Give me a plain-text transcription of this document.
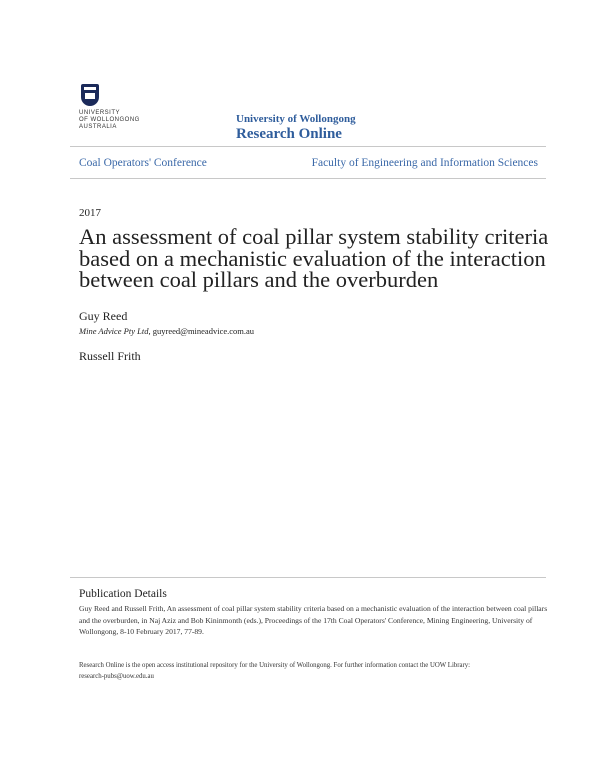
UNIVERSITY
OF WOLLONGONG
AUSTRALIA
University of Wollongong
Research Online
Coal Operators' Conference	Faculty of Engineering and Information Sciences
2017
An assessment of coal pillar system stability criteria based on a mechanistic evaluation of the interaction between coal pillars and the overburden
Guy Reed
Mine Advice Pty Ltd, guyreed@mineadvice.com.au
Russell Frith
Publication Details
Guy Reed and Russell Frith, An assessment of coal pillar system stability criteria based on a mechanistic evaluation of the interaction between coal pillars and the overburden, in Naj Aziz and Bob Kininmonth (eds.), Proceedings of the 17th Coal Operators' Conference, Mining Engineering, University of Wollongong, 8-10 February 2017, 77-89.
Research Online is the open access institutional repository for the University of Wollongong. For further information contact the UOW Library:
research-pubs@uow.edu.au
